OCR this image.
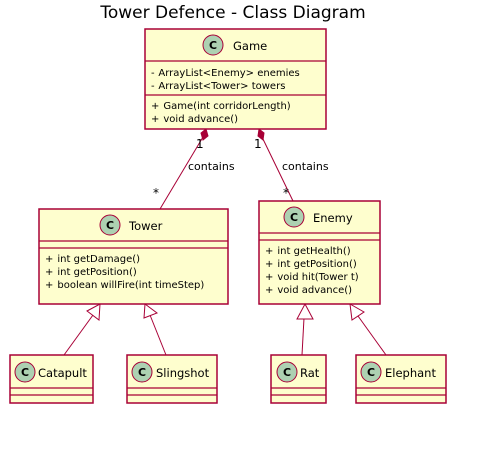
Tower Defence - Class Diagram
1
*
contains
1
*
contains
C Game
- ArrayList<Enemy> enemies
- ArrayList<Tower> towers
+ Game(int corridorLength)
+ void advance()
C Tower
+ int getDamage()
+ int getPosition()
+ boolean willFire(int timeStep)
C Enemy
+ int getHealth()
+ int getPosition()
+ void hit(Tower t)
+ void advance()
C Catapult	C Slingshot	C Rat	C Elephant
